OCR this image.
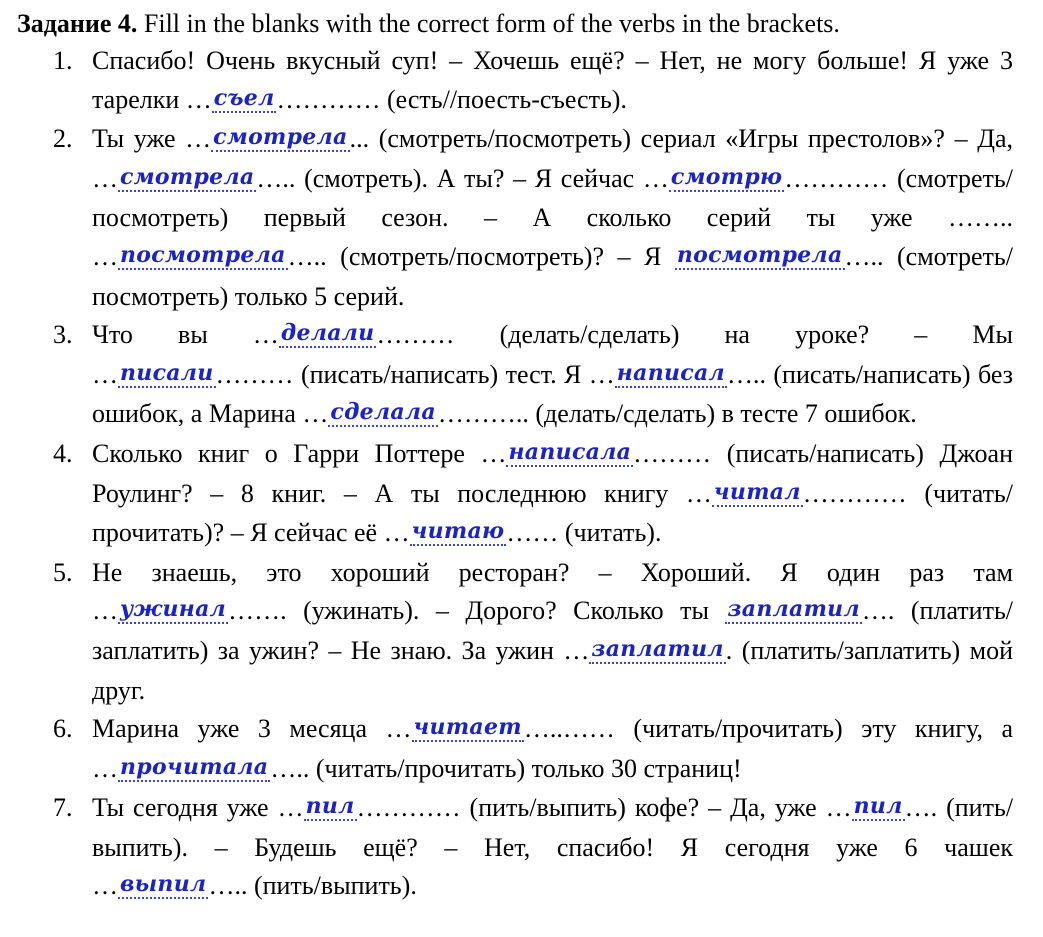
Задание 4. Fill in the blanks with the correct form of the verbs in the brackets.
1. Спасибо! Очень вкусный суп! – Хочешь ещё? – Нет, не могу больше! Я уже 3 тарелки …съел………… (есть//поесть-съесть).
2. Ты уже …смотрела... (смотреть/посмотреть) сериал «Игры престолов»? – Да, …смотрела….. (смотреть). А ты? – Я сейчас …смотрю………… (смотреть/посмотреть) первый сезон. – А сколько серий ты уже …….. …посмотрела….. (смотреть/посмотреть)? – Я посмотрела….. (смотреть/посмотреть) только 5 серий.
3. Что вы …делали……… (делать/сделать) на уроке? – Мы …писали……… (писать/написать) тест. Я …написал….. (писать/написать) без ошибок, а Марина …сделала……….. (делать/сделать) в тесте 7 ошибок.
4. Сколько книг о Гарри Поттере …написала……… (писать/написать) Джоан Роулинг? – 8 книг. – А ты последнюю книгу …читал………… (читать/прочитать)? – Я сейчас её …читаю…… (читать).
5. Не знаешь, это хороший ресторан? – Хороший. Я один раз там …ужинал……. (ужинать). – Дорого? Сколько ты заплатил…. (платить/заплатить) за ужин? – Не знаю. За ужин …заплатил. (платить/заплатить) мой друг.
6. Марина уже 3 месяца …читает…..…… (читать/прочитать) эту книгу, а …прочитала….. (читать/прочитать) только 30 страниц!
7. Ты сегодня уже …пил………… (пить/выпить) кофе? – Да, уже …пил…. (пить/выпить). – Будешь ещё? – Нет, спасибо! Я сегодня уже 6 чашек …выпил….. (пить/выпить).
